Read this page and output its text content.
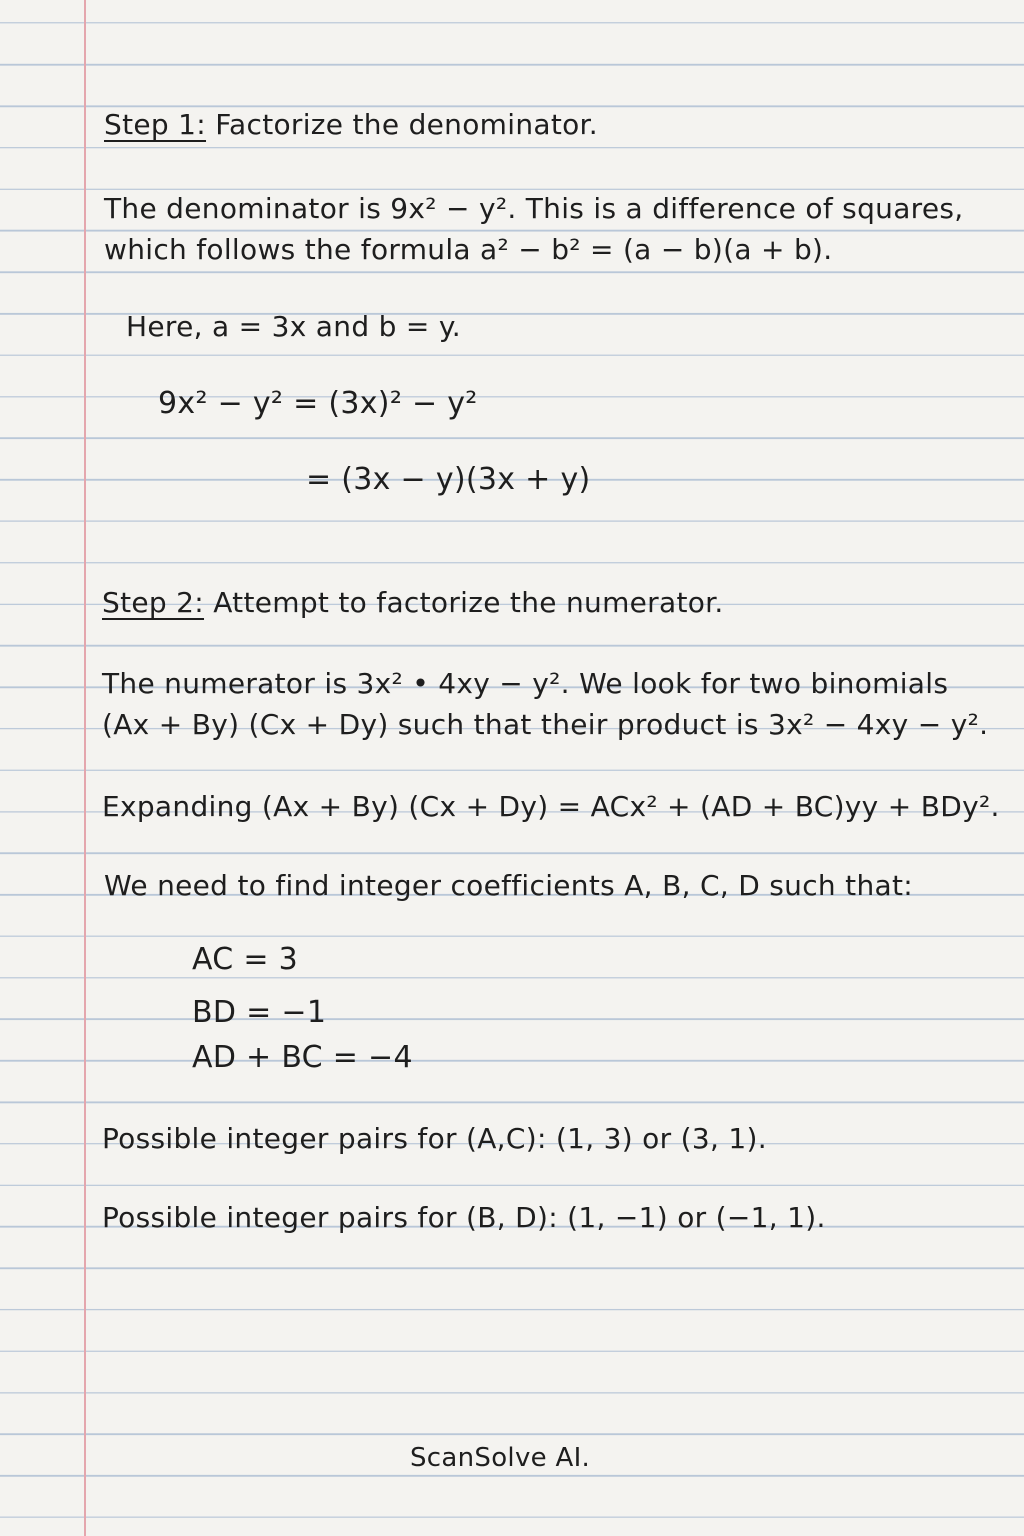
Step 1: Factorize the denominator.
The denominator is 9x² − y². This is a difference of squares,
which follows the formula a² − b² = (a − b)(a + b).
Here, a = 3x and b = y.
9x² − y² = (3x)² − y²
= (3x − y)(3x + y)
Step 2: Attempt to factorize the numerator.
The numerator is 3x² • 4xy − y². We look for two binomials
(Ax + By) (Cx + Dy) such that their product is 3x² − 4xy − y².
Expanding (Ax + By) (Cx + Dy) = ACx² + (AD + BC)yy + BDy².
We need to find integer coefficients A, B, C, D such that:
AC = 3
BD = −1
AD + BC = −4
Possible integer pairs for (A,C): (1, 3) or (3, 1).
Possible integer pairs for (B, D): (1, −1) or (−1, 1).
ScanSolve AI.
